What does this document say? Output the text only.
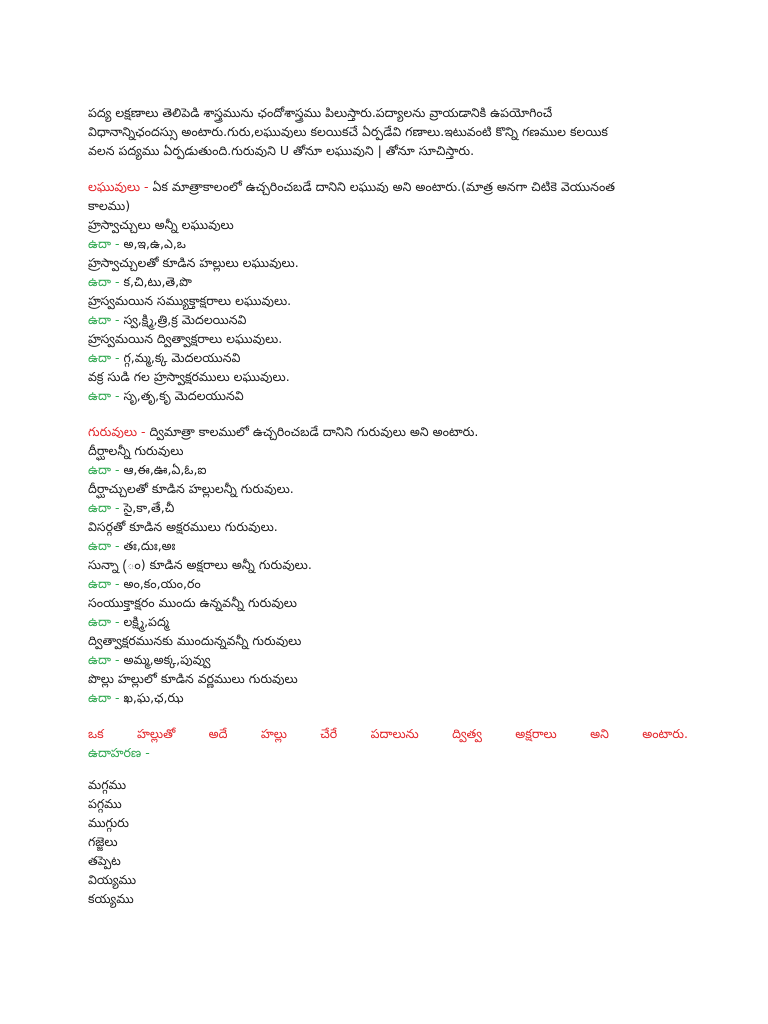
పద్య లక్షణాలు తెలిపెడి శాస్త్రమును ఛందోశాస్త్రము పిలుస్తారు.పద్యాలను వ్రాయడానికి ఉపయోగించే
విధానాన్నిఛందస్సు అంటారు.గురు,లఘువులు కలయికచే ఏర్పడేవి గణాలు.ఇటువంటి కొన్ని గణముల కలయిక
వలన పద్యము ఏర్పడుతుంది.గురువుని U తోనూ లఘువుని | తోనూ సూచిస్తారు.
లఘువులు - ఏక మాత్రాకాలంలో ఉచ్చరించబడే దానిని లఘువు అని అంటారు.(మాత్ర అనగా చిటికె వెయునంత
కాలము)
హ్రస్వాచ్చులు అన్నీ లఘువులు
ఉదా - అ,ఇ,ఉ,ఎ,ఒ
హ్రస్వాచ్చులతో కూడిన హల్లులు లఘువులు.
ఉదా - క,చి,టు,తె,పొ
హ్రస్వమయిన సమ్యుక్తాక్షరాలు లఘువులు.
ఉదా - స్వ,క్ష్మి,త్రి,క్ర మెదలయినవి
హ్రస్వమయిన ద్విత్వాక్షరాలు లఘువులు.
ఉదా - గ్గ,మ్మ,క్క మెదలయునవి
వక్ర సుడి గల హ్రస్వాక్షరములు లఘువులు.
ఉదా - సృ,తృ,కృ మెదలయునవి
గురువులు - ద్విమాత్రా కాలములో ఉచ్చరించబడే దానిని గురువులు అని అంటారు.
దీర్ఘాలన్నీ గురువులు
ఉదా - ఆ,ఈ,ఊ,ఏ,ఓ,ఐ
దీర్ఘాచ్చులతో కూడిన హల్లులన్నీ గురువులు.
ఉదా - సై,కా,తే,చీ
విసర్గతో కూడిన అక్షరములు గురువులు.
ఉదా - తః,దుః,అః
సున్నా (ం) కూడిన అక్షరాలు అన్నీ గురువులు.
ఉదా - అం,కం,యం,రం
సంయుక్తాక్షరం ముందు ఉన్నవన్నీ గురువులు
ఉదా - లక్ష్మి,పద్మ
ద్విత్వాక్షరమునకు ముందున్నవన్నీ గురువులు
ఉదా - అమ్మ,అక్క,పువ్వు
పొల్లు హల్లులో కూడిన వర్ణములు గురువులు
ఉదా - ఖ,ఘ,ఛ,ఝ
ఒక	హల్లుతో	అదే	హల్లు	చేరే	పదాలును	ద్విత్వ	అక్షరాలు	అని	అంటారు.
ఉదాహరణ -
మగ్గము
పగ్గము
ముగ్గురు
గజ్జెలు
తప్పెట
వియ్యము
కయ్యము
